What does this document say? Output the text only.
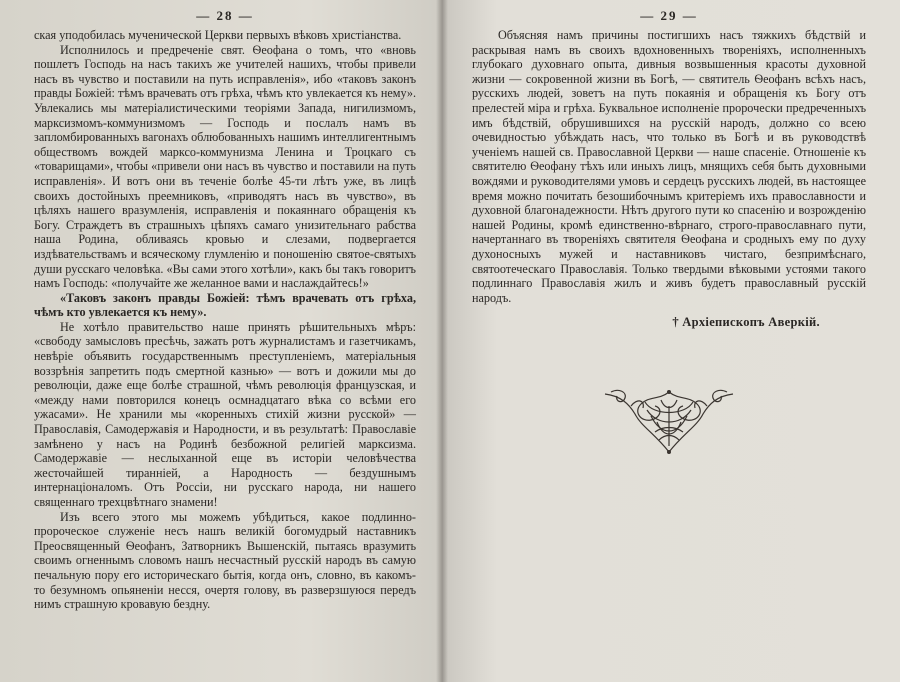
— 28 —

ская уподобилась мученической Церкви первыхъ вѣковъ христіанства.

Исполнилось и предреченіе свят. Ѳеофана о томъ, что «вновь пошлетъ Господь на насъ такихъ же учителей нашихъ, чтобы привели насъ въ чувство и поставили на путь исправленія», ибо «таковъ законъ правды Божіей: тѣмъ врачевать отъ грѣха, чѣмъ кто увлекается къ нему». Увлекались мы матеріалистическими теоріями Запада, нигилизмомъ, марксизмомъ-коммунизмомъ — Господь и послалъ намъ въ запломбированныхъ вагонахъ облюбованныхъ нашимъ интеллигентнымъ обществомъ вождей марксо-коммунизма Ленина и Троцкаго съ «товарищами», чтобы «привели они насъ въ чувство и поставили на путь исправленія». И вотъ они въ теченіе болѣе 45-ти лѣтъ уже, въ лицѣ своихъ достойныхъ преемниковъ, «приводятъ насъ въ чувство», въ цѣляхъ нашего вразумленія, исправленія и покаяннаго обращенія къ Богу. Страждетъ въ страшныхъ цѣпяхъ самаго унизительнаго рабства наша Родина, обливаясь кровью и слезами, подвергается издѣвательствамъ и всяческому глумленію и поношенію святое-святыхъ души русскаго человѣка. «Вы сами этого хотѣли», какъ бы такъ говоритъ намъ Господь: «получайте же желанное вами и наслаждайтесь!»

«Таковъ законъ правды Божіей: тѣмъ врачевать отъ грѣха, чѣмъ кто увлекается къ нему».

Не хотѣло правительство наше принять рѣшительныхъ мѣръ: «свободу замысловъ пресѣчь, зажать ротъ журналистамъ и газетчикамъ, невѣріе объявить государственнымъ преступленіемъ, матеріальныя воззрѣнія запретить подъ смертной казнью» — вотъ и дожили мы до революціи, даже еще болѣе страшной, чѣмъ революція французская, и «между нами повторился конецъ осмнадцатаго вѣка со всѣми его ужасами». Не хранили мы «коренныхъ стихій жизни русской» — Православія, Самодержавія и Народности, и въ результатѣ: Православіе замѣнено у насъ на Родинѣ безбожной религіей марксизма. Самодержавіе — неслыханной еще въ исторіи человѣчества жесточайшей тиранніей, а Народность — бездушнымъ интернаціоналомъ. Отъ Россіи, ни русскаго народа, ни нашего священнаго трехцвѣтнаго знамени!

Изъ всего этого мы можемъ убѣдиться, какое подлинно-пророческое служеніе несъ нашъ великій богомудрый наставникъ Преосвященный Ѳеофанъ, Затворникъ Вышенскій, пытаясь вразумить своимъ огненнымъ словомъ нашъ несчастный русскій народъ въ самую печальную пору его историческаго бытія, когда онъ, словно, въ какомъ-то безумномъ опьяненіи несся, очертя голову, въ разверзшуюся передъ нимъ страшную кровавую бездну.

— 29 —

Объясняя намъ причины постигшихъ насъ тяжкихъ бѣдствій и раскрывая намъ въ своихъ вдохновенныхъ твореніяхъ, исполненныхъ глубокаго духовнаго опыта, дивныя возвышенныя красоты духовной жизни — сокровенной жизни въ Богѣ, — святитель Ѳеофанъ всѣхъ насъ, русскихъ людей, зоветъ на путь покаянія и обращенія къ Богу отъ прелестей міра и грѣха. Буквальное исполненіе пророчески предреченныхъ имъ бѣдствій, обрушившихся на русскій народъ, должно со всею очевидностью убѣждать насъ, что только въ Богѣ и въ руководствѣ ученіемъ нашей св. Православной Церкви — наше спасеніе. Отношеніе къ святителю Ѳеофану тѣхъ или иныхъ лицъ, мнящихъ себя быть духовными вождями и руководителями умовъ и сердецъ русскихъ людей, въ настоящее время можно почитать безошибочнымъ критеріемъ ихъ православности и духовной благонадежности. Нѣтъ другого пути ко спасенію и возрожденію нашей Родины, кромѣ единственно-вѣрнаго, строго-православнаго пути, начертаннаго въ твореніяхъ святителя Ѳеофана и сродныхъ ему по духу духоносныхъ мужей и наставниковъ чистаго, безпримѣснаго, святоотеческаго Православія. Только твердыми вѣковыми устоями такого подлиннаго Православія жилъ и живъ будетъ православный русскій народъ.

† Архіепископъ Аверкій.
